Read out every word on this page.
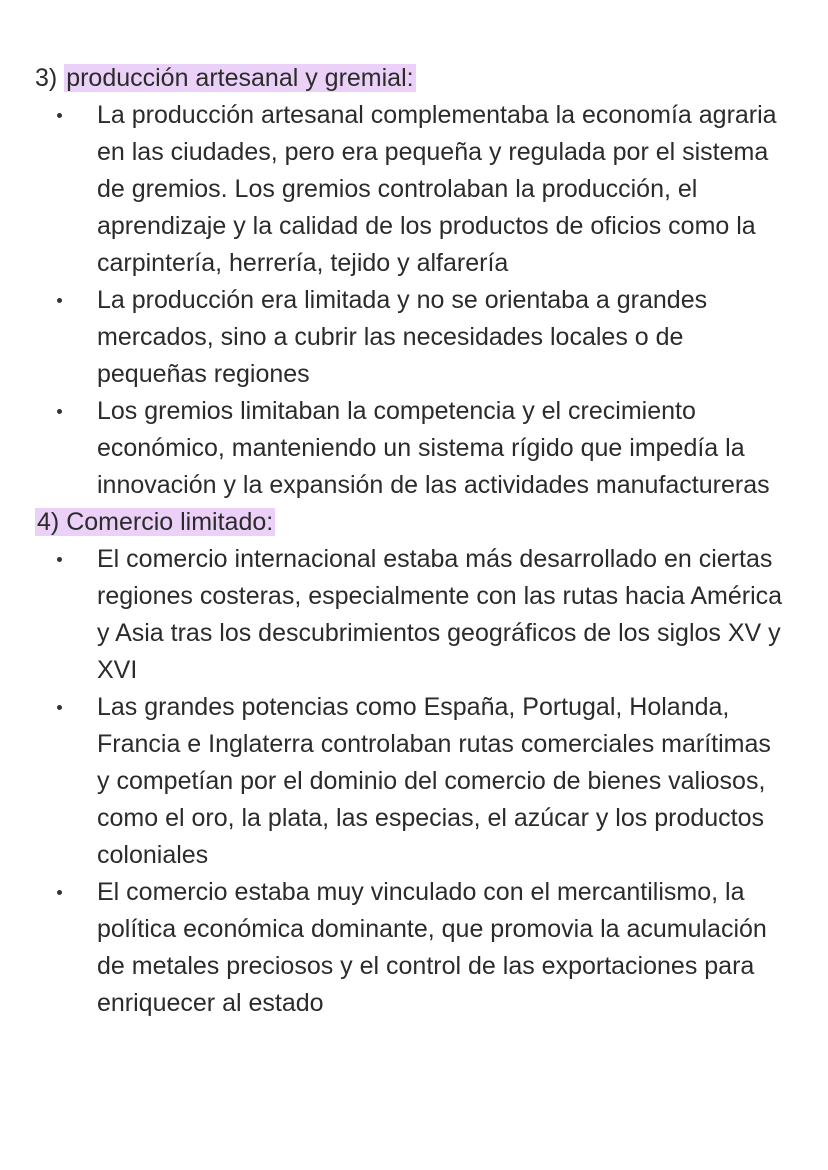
3) producción artesanal y gremial:

La producción artesanal complementaba la economía agraria en las ciudades, pero era pequeña y regulada por el sistema de gremios. Los gremios controlaban la producción, el aprendizaje y la calidad de los productos de oficios como la carpintería, herrería, tejido y alfarería
La producción era limitada y no se orientaba a grandes mercados, sino a cubrir las necesidades locales o de pequeñas regiones
Los gremios limitaban la competencia y el crecimiento económico, manteniendo un sistema rígido que impedía la innovación y la expansión de las actividades manufactureras

4) Comercio limitado:

El comercio internacional estaba más desarrollado en ciertas regiones costeras, especialmente con las rutas hacia América y Asia tras los descubrimientos geográficos de los siglos XV y XVI
Las grandes potencias como España, Portugal, Holanda, Francia e Inglaterra controlaban rutas comerciales marítimas y competían por el dominio del comercio de bienes valiosos, como el oro, la plata, las especias, el azúcar y los productos coloniales
El comercio estaba muy vinculado con el mercantilismo, la política económica dominante, que promovia la acumulación de metales preciosos y el control de las exportaciones para enriquecer al estado
